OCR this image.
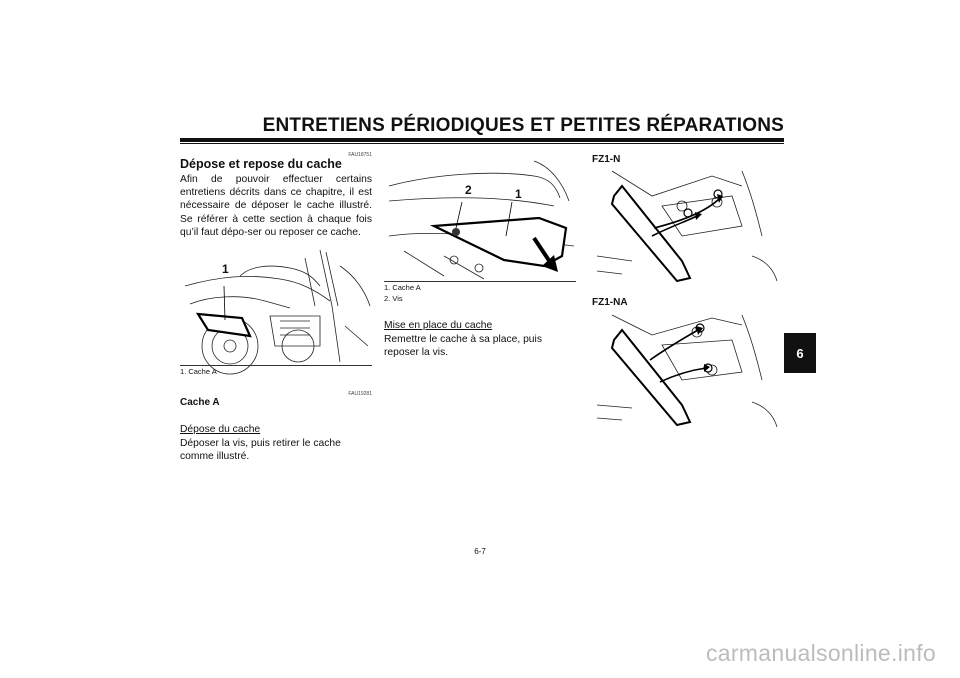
ENTRETIENS PÉRIODIQUES ET PETITES RÉPARATIONS
6
FAU18751
Dépose et repose du cache
Afin de pouvoir effectuer certains entretiens décrits dans ce chapitre, il est nécessaire de déposer le cache illustré. Se référer à cette section à chaque fois qu’il faut dépo-ser ou reposer ce cache.
1
1. Cache A
FAU19281
Cache A
Dépose du cache
Déposer la vis, puis retirer le cache comme illustré.
2	1
1. Cache A
2. Vis
Mise en place du cache
Remettre le cache à sa place, puis reposer la vis.
FZ1-N
FZ1-NA
6-7
carmanualsonline.info
